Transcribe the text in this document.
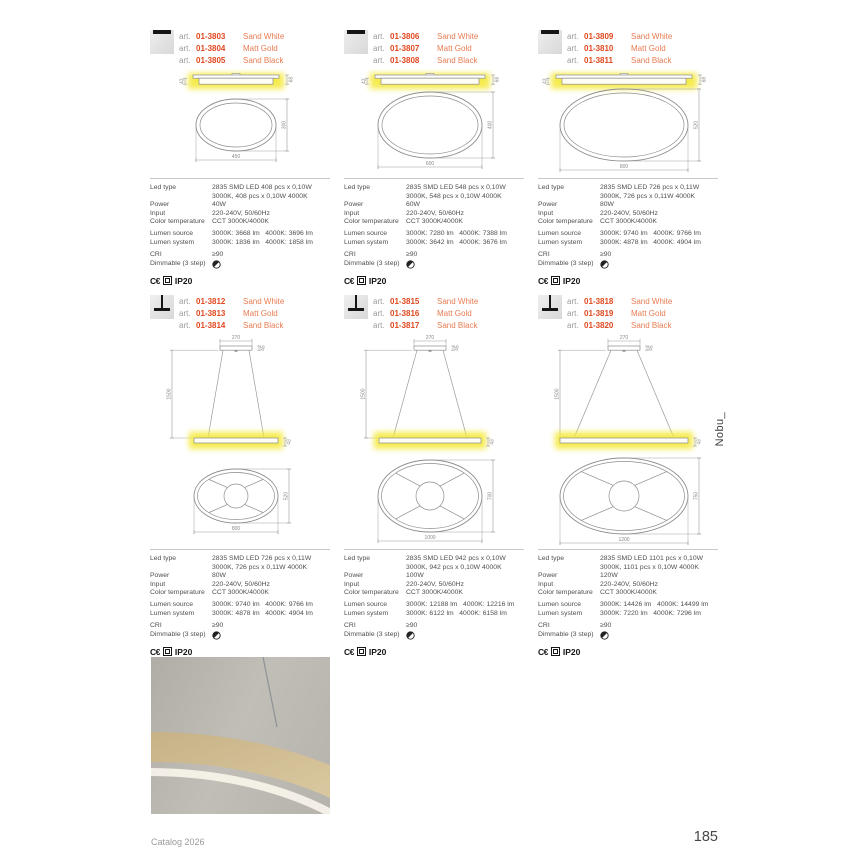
art. 01-3803	Sand White
art. 01-3804	Matt Gold
art. 01-3805	Sand Black
68
43
300
450
Led type	2835 SMD LED 408 pcs x 0,10W 3000K, 408 pcs x 0,10W 4000K
Power	40W
Input	220-240V, 50/60Hz
Color temperature	CCT 3000K/4000K
Lumen source	3000K: 3668 lm   4000K: 3696 lm
Lumen system	3000K: 1836 lm   4000K: 1858 lm
CRI	≥90
Dimmable (3 step)
C€ IP20
art. 01-3806	Sand White
art. 01-3807	Matt Gold
art. 01-3808	Sand Black
68
43
400
600
Led type	2835 SMD LED 548 pcs x 0,10W 3000K, 548 pcs x 0,10W 4000K
Power	60W
Input	220-240V, 50/60Hz
Color temperature	CCT 3000K/4000K
Lumen source	3000K: 7280 lm   4000K: 7388 lm
Lumen system	3000K: 3642 lm   4000K: 3676 lm
CRI	≥90
Dimmable (3 step)
C€ IP20
art. 01-3809	Sand White
art. 01-3810	Matt Gold
art. 01-3811	Sand Black
68
43
520
800
Led type	2835 SMD LED 726 pcs x 0,11W 3000K, 726 pcs x 0,11W 4000K
Power	80W
Input	220-240V, 50/60Hz
Color temperature	CCT 3000K/4000K
Lumen source	3000K: 9740 lm   4000K: 9766 lm
Lumen system	3000K: 4878 lm   4000K: 4904 lm
CRI	≥90
Dimmable (3 step)
C€ IP20
art. 01-3812	Sand White
art. 01-3813	Matt Gold
art. 01-3814	Sand Black
270
45
1500
43
520
800
Led type	2835 SMD LED 726 pcs x 0,11W 3000K, 726 pcs x 0,11W 4000K
Power	80W
Input	220-240V, 50/60Hz
Color temperature	CCT 3000K/4000K
Lumen source	3000K: 9740 lm   4000K: 9766 lm
Lumen system	3000K: 4878 lm   4000K: 4904 lm
CRI	≥90
Dimmable (3 step)
C€ IP20
art. 01-3815	Sand White
art. 01-3816	Matt Gold
art. 01-3817	Sand Black
270
45
1500
43
700
1000
Led type	2835 SMD LED 942 pcs x 0,10W 3000K, 942 pcs x 0,10W 4000K
Power	100W
Input	220-240V, 50/60Hz
Color temperature	CCT 3000K/4000K
Lumen source	3000K: 12188 lm   4000K: 12216 lm
Lumen system	3000K: 6122 lm   4000K: 6158 lm
CRI	≥90
Dimmable (3 step)
C€ IP20
art. 01-3818	Sand White
art. 01-3819	Matt Gold
art. 01-3820	Sand Black
270
45
1500
43
750
1200
Led type	2835 SMD LED 1101 pcs x 0,10W 3000K, 1101 pcs x 0,10W 4000K
Power	120W
Input	220-240V, 50/60Hz
Color temperature	CCT 3000K/4000K
Lumen source	3000K: 14426 lm   4000K: 14499 lm
Lumen system	3000K: 7220 lm   4000K: 7296 lm
CRI	≥90
Dimmable (3 step)
C€ IP20
Nobu_
Catalog 2026	185
